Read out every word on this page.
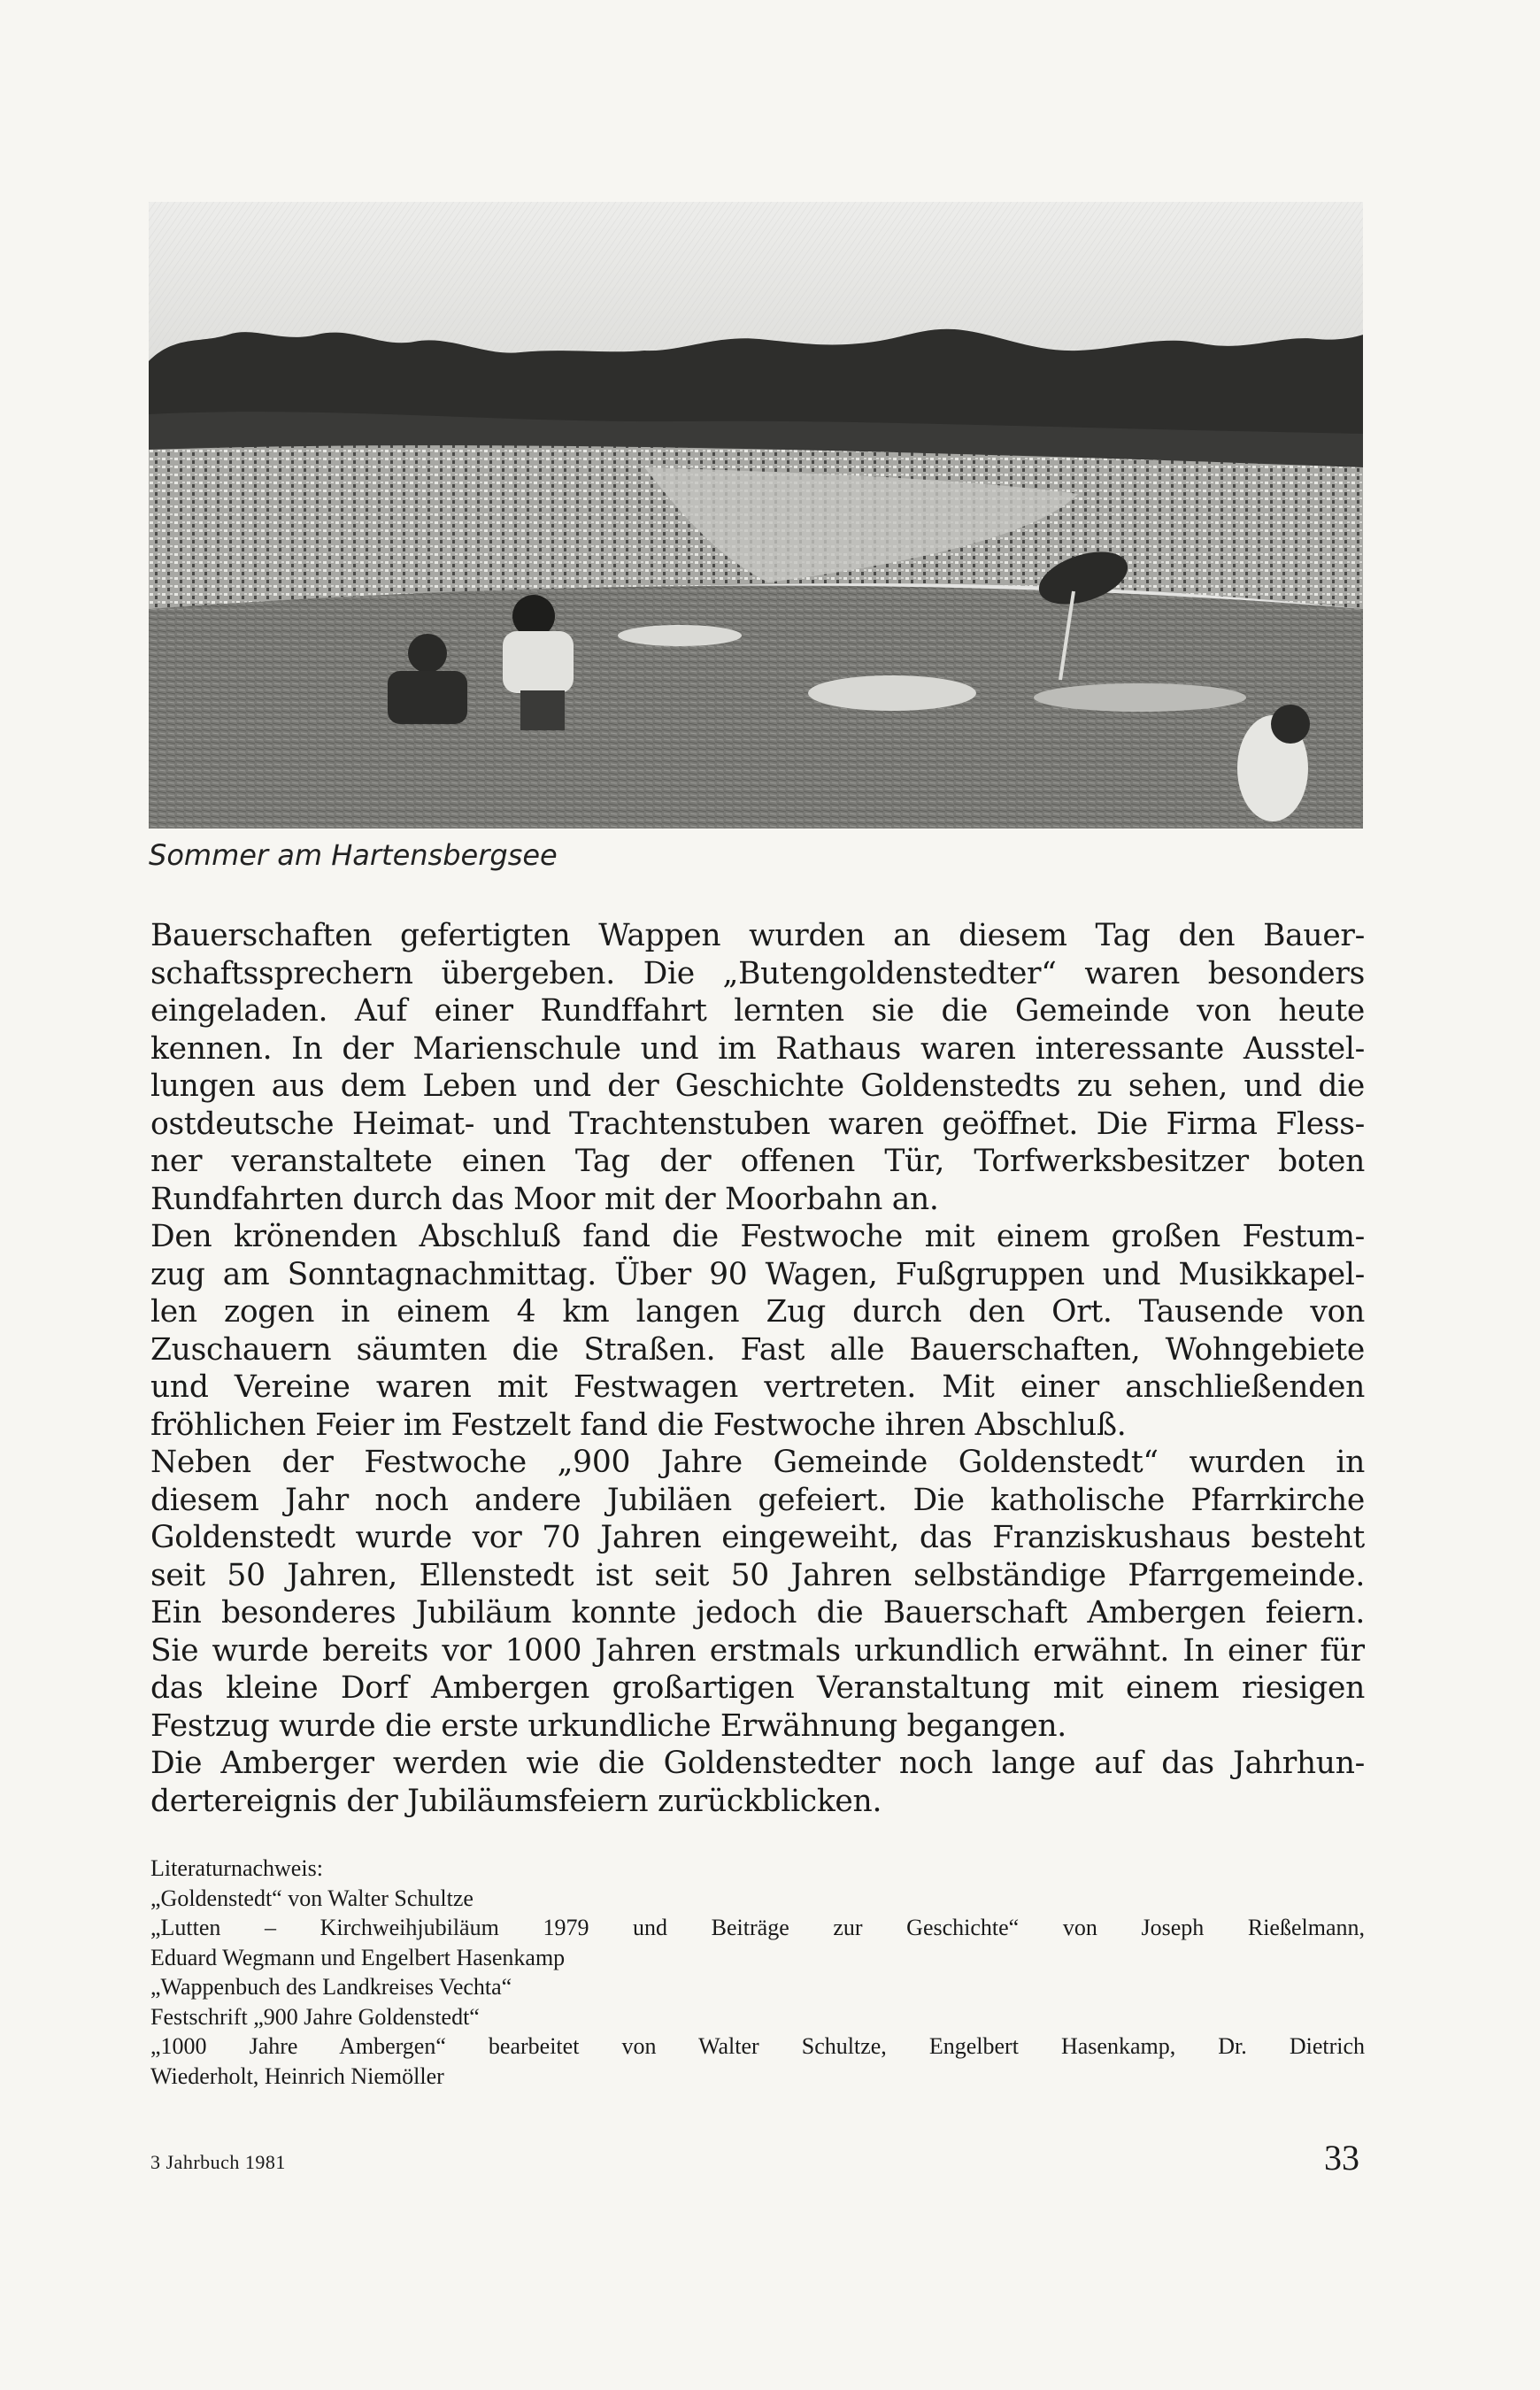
Sommer am Hartensbergsee
Bauerschaften gefertigten Wappen wurden an diesem Tag den Bauer-
schaftssprechern übergeben. Die „Butengoldenstedter“ waren besonders
eingeladen. Auf einer Rundffahrt lernten sie die Gemeinde von heute
kennen. In der Marienschule und im Rathaus waren interessante Ausstel-
lungen aus dem Leben und der Geschichte Goldenstedts zu sehen, und die
ostdeutsche Heimat- und Trachtenstuben waren geöffnet. Die Firma Fless-
ner veranstaltete einen Tag der offenen Tür, Torfwerksbesitzer boten
Rundfahrten durch das Moor mit der Moorbahn an.
Den krönenden Abschluß fand die Festwoche mit einem großen Festum-
zug am Sonntagnachmittag. Über 90 Wagen, Fußgruppen und Musikkapel-
len zogen in einem 4 km langen Zug durch den Ort. Tausende von
Zuschauern säumten die Straßen. Fast alle Bauerschaften, Wohngebiete
und Vereine waren mit Festwagen vertreten. Mit einer anschließenden
fröhlichen Feier im Festzelt fand die Festwoche ihren Abschluß.
Neben der Festwoche „900 Jahre Gemeinde Goldenstedt“ wurden in
diesem Jahr noch andere Jubiläen gefeiert. Die katholische Pfarrkirche
Goldenstedt wurde vor 70 Jahren eingeweiht, das Franziskushaus besteht
seit 50 Jahren, Ellenstedt ist seit 50 Jahren selbständige Pfarrgemeinde.
Ein besonderes Jubiläum konnte jedoch die Bauerschaft Ambergen feiern.
Sie wurde bereits vor 1000 Jahren erstmals urkundlich erwähnt. In einer für
das kleine Dorf Ambergen großartigen Veranstaltung mit einem riesigen
Festzug wurde die erste urkundliche Erwähnung begangen.
Die Amberger werden wie die Goldenstedter noch lange auf das Jahrhun-
dertereignis der Jubiläumsfeiern zurückblicken.
Literaturnachweis:
„Goldenstedt“ von Walter Schultze
„Lutten – Kirchweihjubiläum 1979 und Beiträge zur Geschichte“ von Joseph Rießelmann,
Eduard Wegmann und Engelbert Hasenkamp
„Wappenbuch des Landkreises Vechta“
Festschrift „900 Jahre Goldenstedt“
„1000 Jahre Ambergen“ bearbeitet von Walter Schultze, Engelbert Hasenkamp, Dr. Dietrich
Wiederholt, Heinrich Niemöller
3 Jahrbuch 1981	33
